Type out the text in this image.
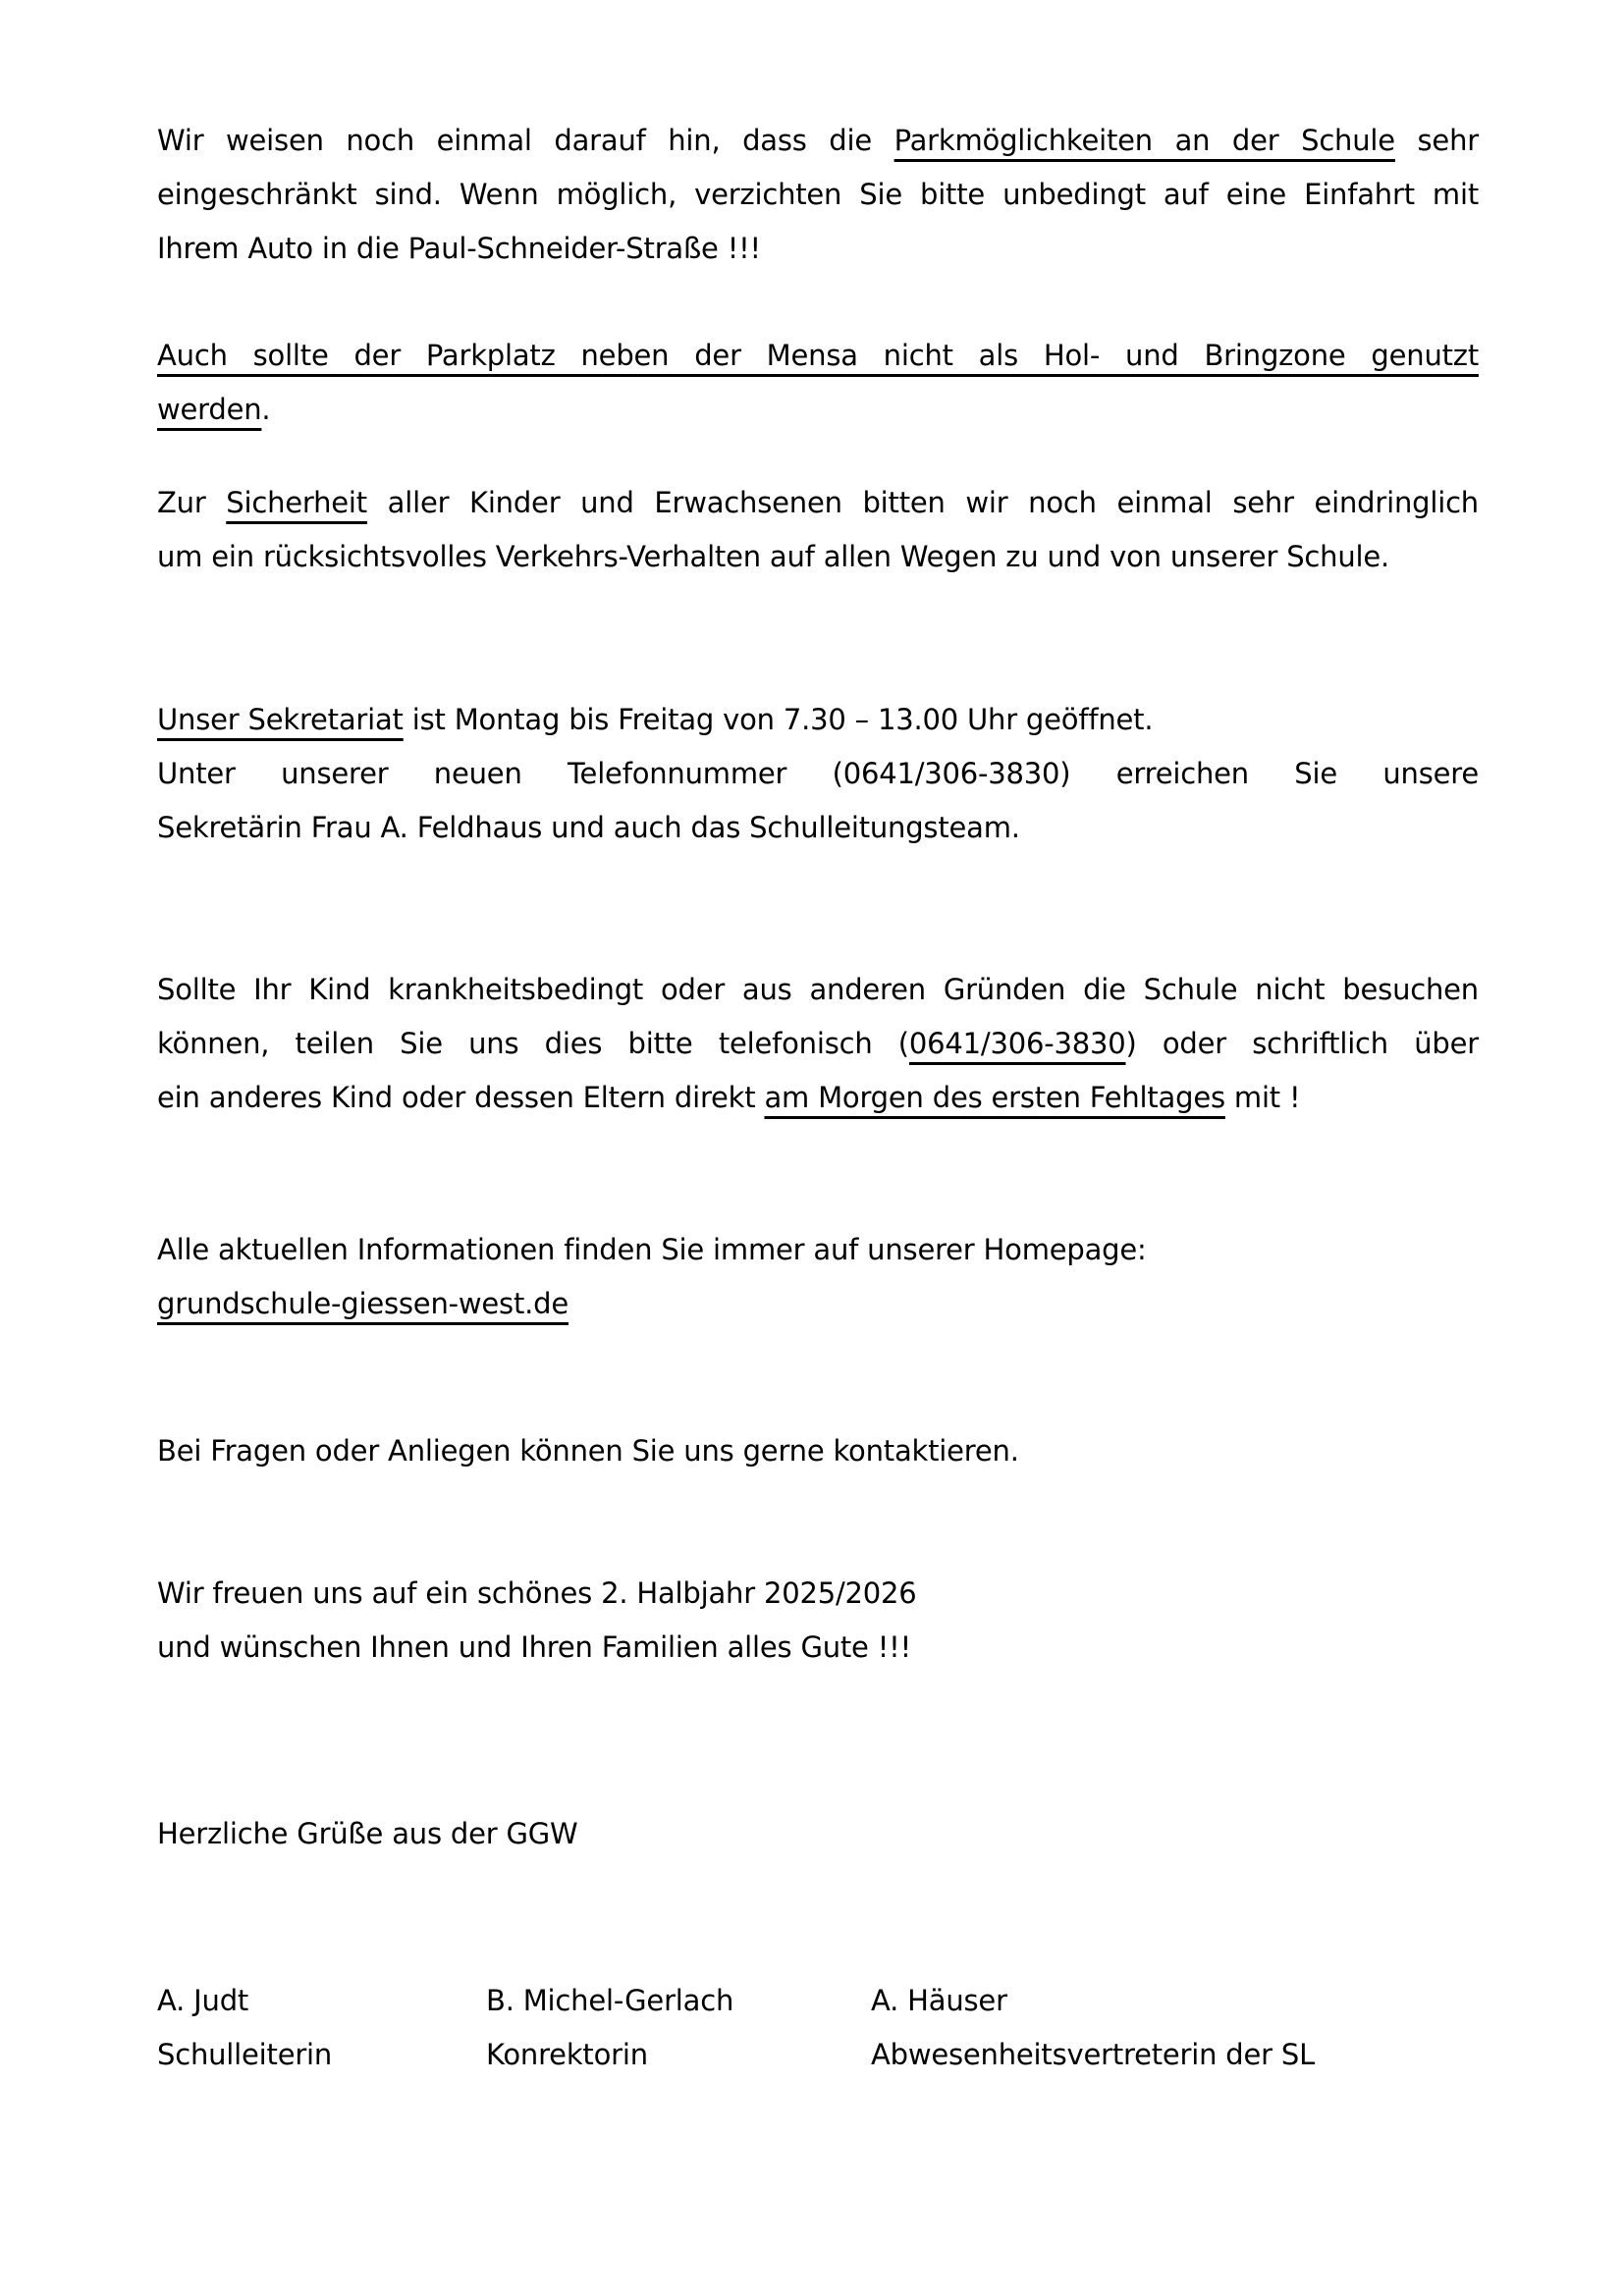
Wir weisen noch einmal darauf hin, dass die Parkmöglichkeiten an der Schule sehr
eingeschränkt sind. Wenn möglich, verzichten Sie bitte unbedingt auf eine Einfahrt mit
Ihrem Auto in die Paul-Schneider-Straße !!!
Auch sollte der Parkplatz neben der Mensa nicht als Hol- und Bringzone genutzt
werden.
Zur Sicherheit aller Kinder und Erwachsenen bitten wir noch einmal sehr eindringlich
um ein rücksichtsvolles Verkehrs-Verhalten auf allen Wegen zu und von unserer Schule.
Unser Sekretariat ist Montag bis Freitag von 7.30 – 13.00 Uhr geöffnet.
Unter unserer neuen Telefonnummer (0641/306-3830) erreichen Sie unsere
Sekretärin Frau A. Feldhaus und auch das Schulleitungsteam.
Sollte Ihr Kind krankheitsbedingt oder aus anderen Gründen die Schule nicht besuchen
können, teilen Sie uns dies bitte telefonisch (0641/306-3830) oder schriftlich über
ein anderes Kind oder dessen Eltern direkt am Morgen des ersten Fehltages mit !
Alle aktuellen Informationen finden Sie immer auf unserer Homepage:
grundschule-giessen-west.de
Bei Fragen oder Anliegen können Sie uns gerne kontaktieren.
Wir freuen uns auf ein schönes 2. Halbjahr 2025/2026
und wünschen Ihnen und Ihren Familien alles Gute !!!
Herzliche Grüße aus der GGW
A. Judt
Schulleiterin
B. Michel-Gerlach
Konrektorin
A. Häuser
Abwesenheitsvertreterin der SL
